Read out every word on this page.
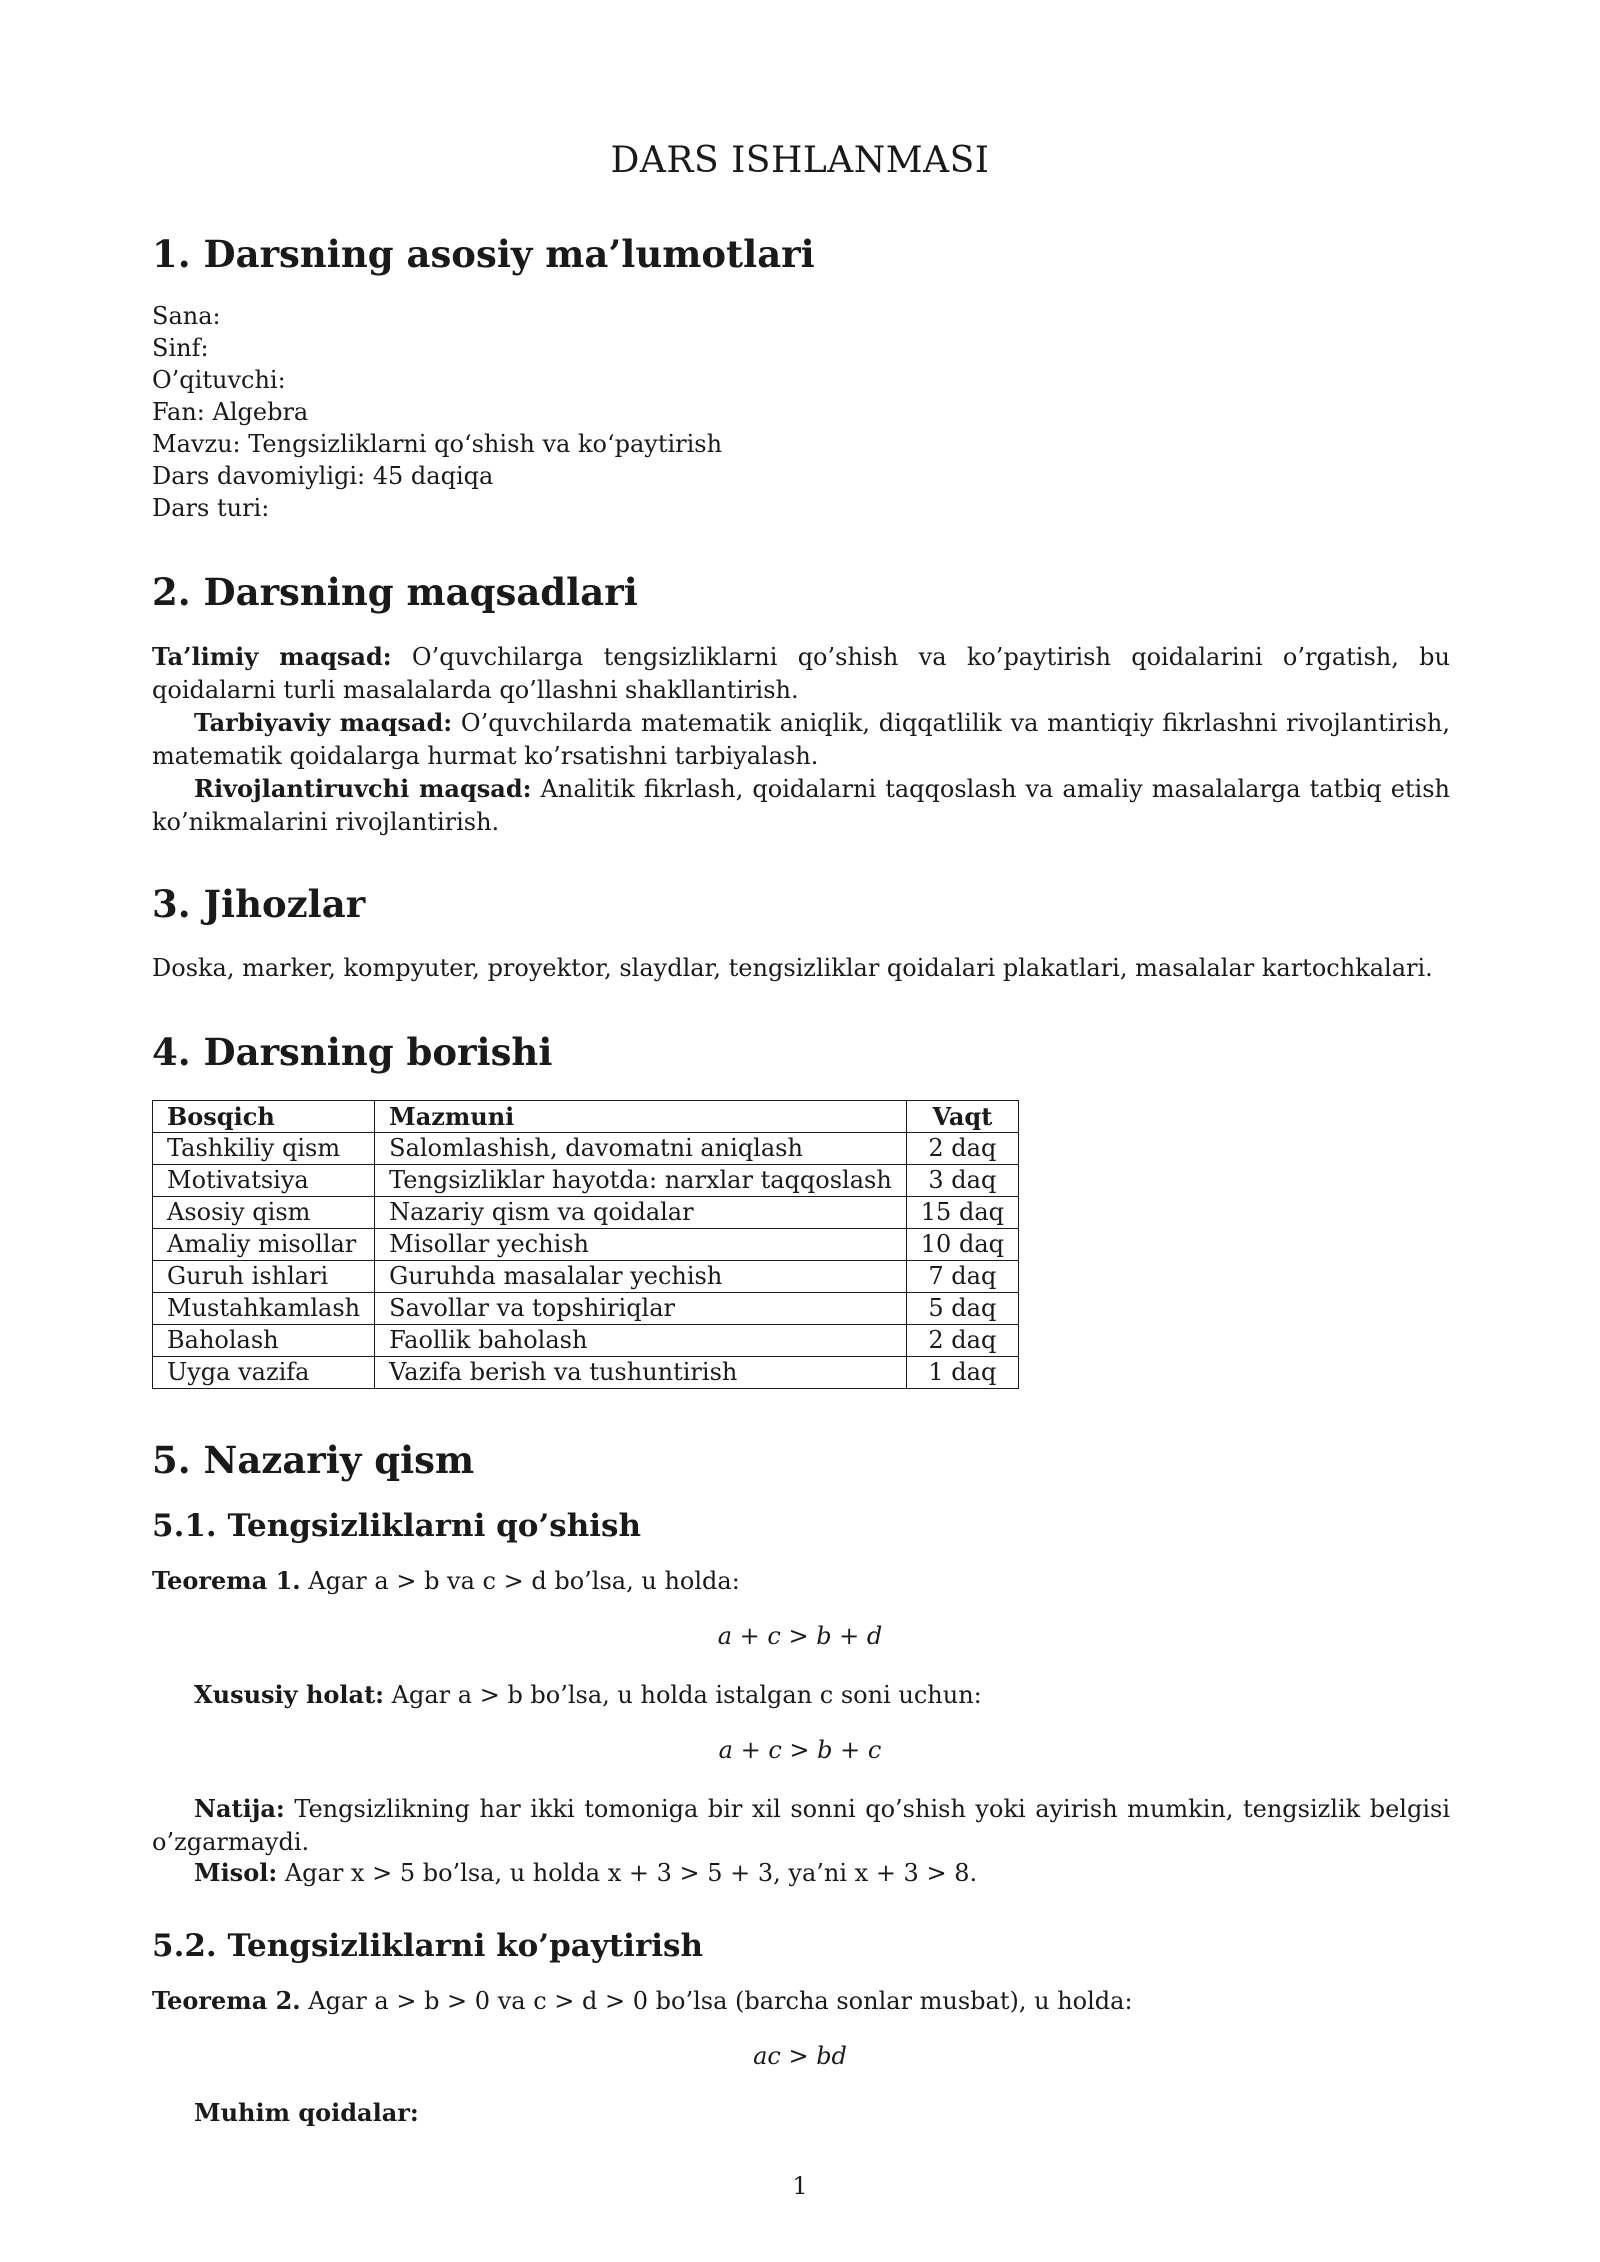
DARS ISHLANMASI
1. Darsning asosiy ma’lumotlari
Sana:
Sinf:
O’qituvchi:
Fan: Algebra
Mavzu: Tengsizliklarni qo‘shish va ko‘paytirish
Dars davomiyligi: 45 daqiqa
Dars turi:
2. Darsning maqsadlari
Ta’limiy maqsad: O’quvchilarga tengsizliklarni qo’shish va ko’paytirish qoidalarini o’rgatish, bu qoidalarni turli masalalarda qo’llashni shakllantirish.
Tarbiyaviy maqsad: O’quvchilarda matematik aniqlik, diqqatlilik va mantiqiy fikrlashni rivojlantirish, matematik qoidalarga hurmat ko’rsatishni tarbiyalash.
Rivojlantiruvchi maqsad: Analitik fikrlash, qoidalarni taqqoslash va amaliy masalalarga tatbiq etish ko’nikmalarini rivojlantirish.
3. Jihozlar
Doska, marker, kompyuter, proyektor, slaydlar, tengsizliklar qoidalari plakatlari, masalalar kartochkalari.
4. Darsning borishi
Bosqich	Mazmuni	Vaqt
Tashkiliy qism	Salomlashish, davomatni aniqlash	2 daq
Motivatsiya	Tengsizliklar hayotda: narxlar taqqoslash	3 daq
Asosiy qism	Nazariy qism va qoidalar	15 daq
Amaliy misollar	Misollar yechish	10 daq
Guruh ishlari	Guruhda masalalar yechish	7 daq
Mustahkamlash	Savollar va topshiriqlar	5 daq
Baholash	Faollik baholash	2 daq
Uyga vazifa	Vazifa berish va tushuntirish	1 daq
5. Nazariy qism
5.1. Tengsizliklarni qo’shish
Teorema 1. Agar a > b va c > d bo’lsa, u holda:
a + c > b + d
Xususiy holat: Agar a > b bo’lsa, u holda istalgan c soni uchun:
a + c > b + c
Natija: Tengsizlikning har ikki tomoniga bir xil sonni qo’shish yoki ayirish mumkin, tengsizlik belgisi o’zgarmaydi.
Misol: Agar x > 5 bo’lsa, u holda x + 3 > 5 + 3, ya’ni x + 3 > 8.
5.2. Tengsizliklarni ko’paytirish
Teorema 2. Agar a > b > 0 va c > d > 0 bo’lsa (barcha sonlar musbat), u holda:
ac > bd
Muhim qoidalar:
1
